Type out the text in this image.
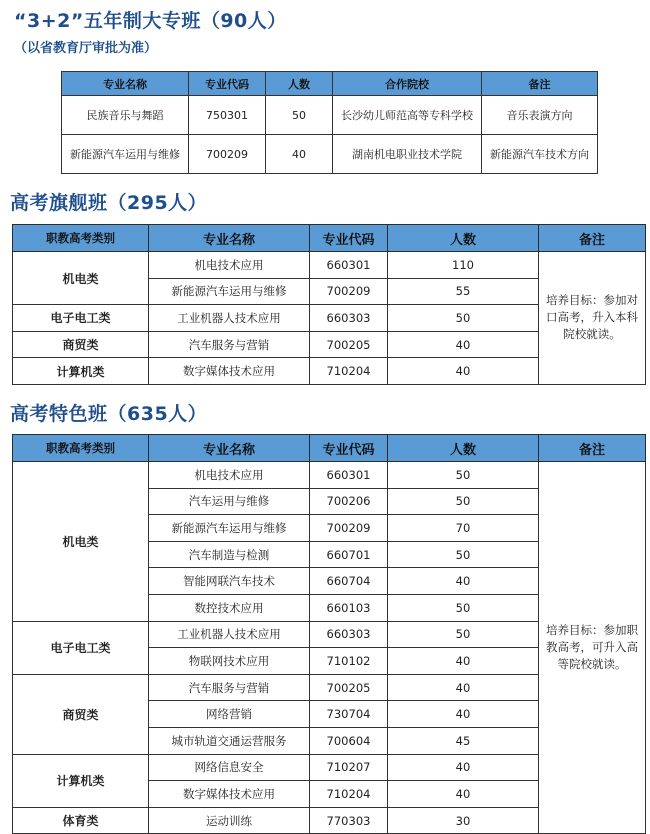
“3+2”五年制大专班（90人）
（以省教育厅审批为准）
专业名称	专业代码	人数	合作院校	备注
民族音乐与舞蹈	750301	50	长沙幼儿师范高等专科学校	音乐表演方向
新能源汽车运用与维修	700209	40	湖南机电职业技术学院	新能源汽车技术方向
高考旗舰班（295人）
职教高考类别	专业名称	专业代码	人数	备注
机电类	机电技术应用	660301	110	培养目标：参加对口高考，升入本科院校就读。
	新能源汽车运用与维修	700209	55	
电子电工类	工业机器人技术应用	660303	50	
商贸类	汽车服务与营销	700205	40	
计算机类	数字媒体技术应用	710204	40	
高考特色班（635人）
职教高考类别	专业名称	专业代码	人数	备注
机电类	机电技术应用	660301	50	培养目标：参加职教高考，可升入高等院校就读。
	汽车运用与维修	700206	50	
	新能源汽车运用与维修	700209	70	
	汽车制造与检测	660701	50	
	智能网联汽车技术	660704	40	
	数控技术应用	660103	50	
电子电工类	工业机器人技术应用	660303	50	
	物联网技术应用	710102	40	
商贸类	汽车服务与营销	700205	40	
	网络营销	730704	40	
	城市轨道交通运营服务	700604	45	
计算机类	网络信息安全	710207	40	
	数字媒体技术应用	710204	40	
体育类	运动训练	770303	30	
